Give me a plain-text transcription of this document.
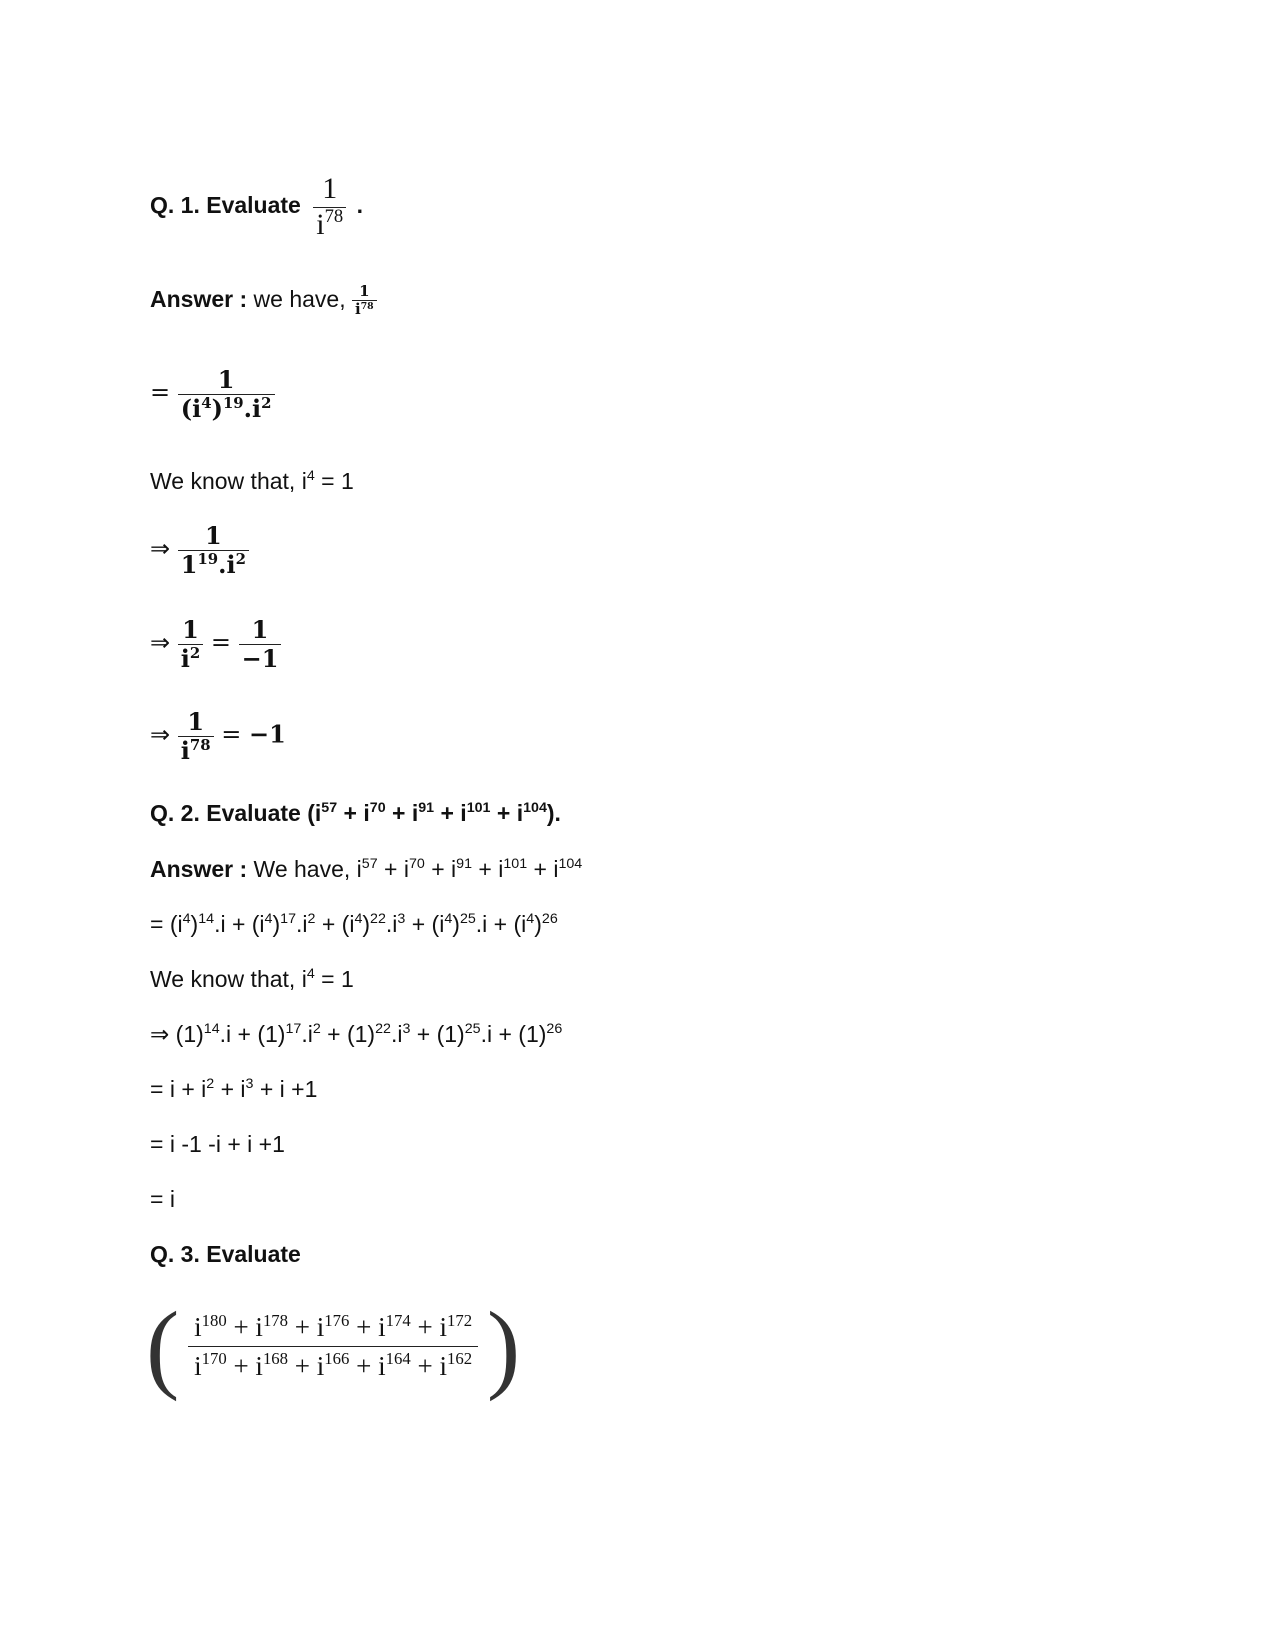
Q. 1. Evaluate $\frac{1}{i^{78}}$ .
Answer : we have, $\frac{1}{i^{78}}$
= $\frac{1}{(i^4)^{19}.i^2}$
We know that, $i^4 = 1$
⇒ $\frac{1}{1^{19}.i^2}$
⇒ $\frac{1}{i^2} = \frac{1}{-1}$
⇒ $\frac{1}{i^{78}} = -1$
Q. 2. Evaluate $(i^{57} + i^{70} + i^{91} + i^{101} + i^{104})$.
Answer : We have, $i^{57} + i^{70} + i^{91} + i^{101} + i^{104}$
= $(i^4)^{14}.i + (i^4)^{17}.i^2 + (i^4)^{22}.i^3 + (i^4)^{25}.i + (i^4)^{26}$
We know that, $i^4 = 1$
⇒ $(1)^{14}.i + (1)^{17}.i^2 + (1)^{22}.i^3 + (1)^{25}.i + (1)^{26}$
= $i + i^2 + i^3 + i +1$
= i -1 -i + i +1
= i
Q. 3. Evaluate
( $\frac{i^{180} + i^{178} + i^{176} + i^{174} + i^{172}}{i^{170} + i^{168} + i^{166} + i^{164} + i^{162}}$ )
